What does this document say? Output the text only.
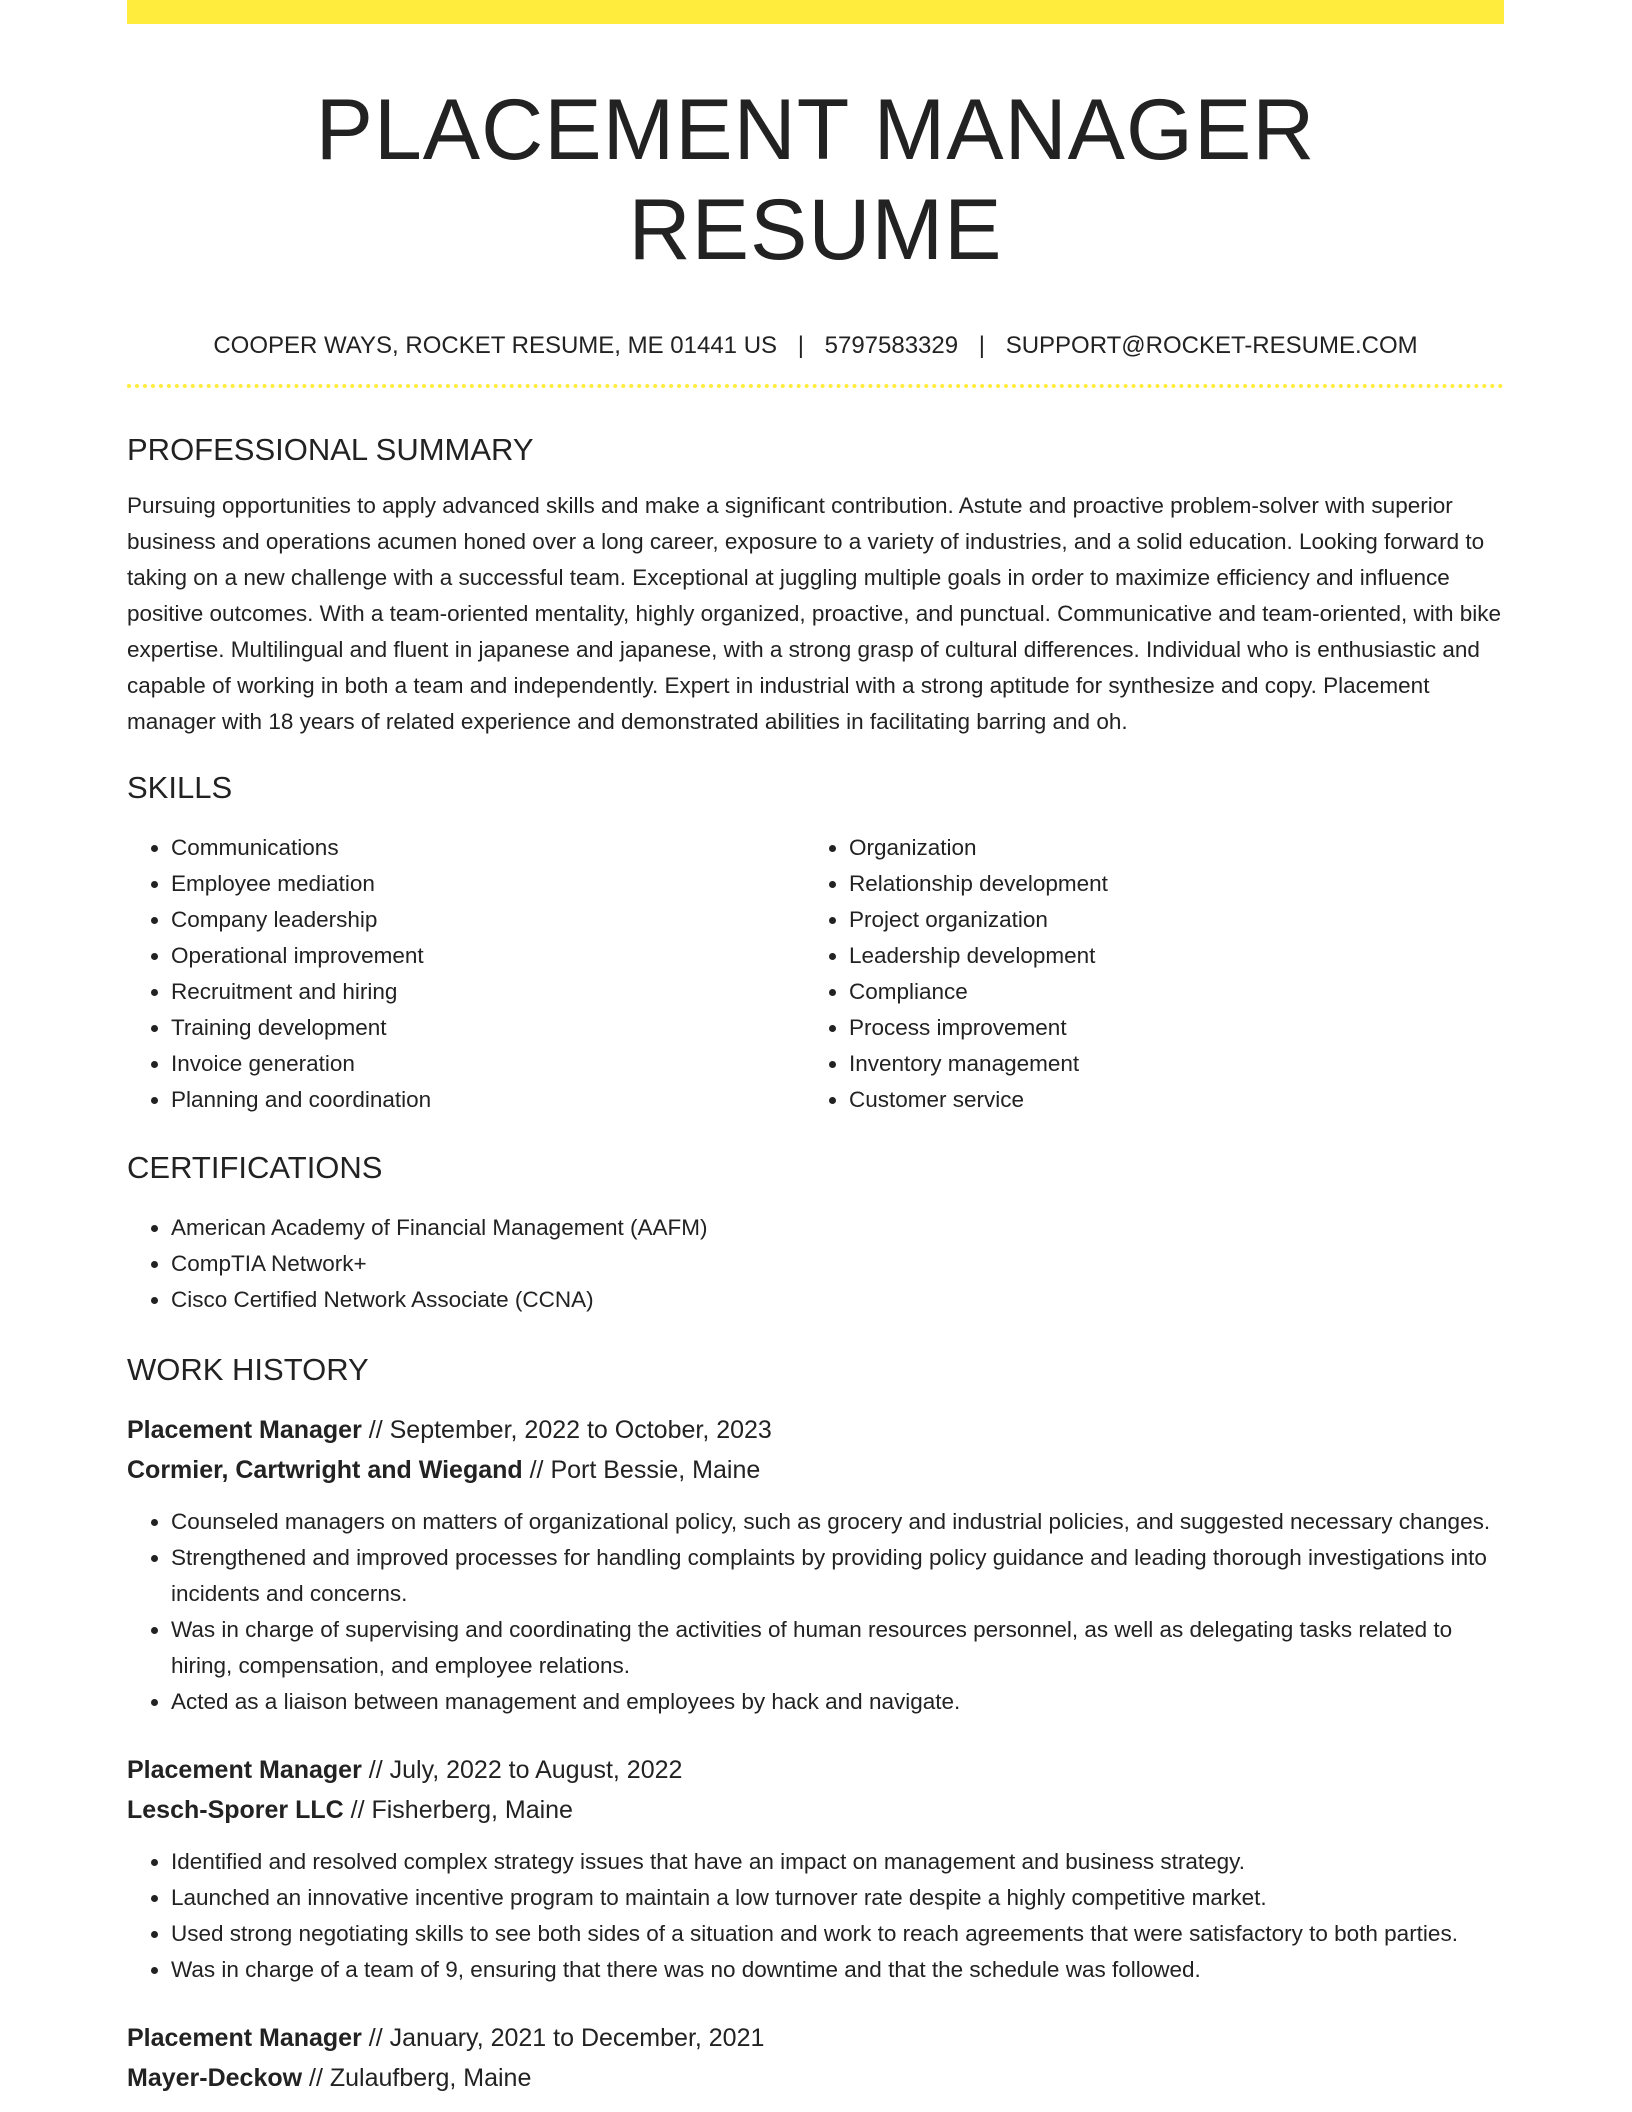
PLACEMENT MANAGER RESUME
COOPER WAYS, ROCKET RESUME, ME 01441 US | 5797583329 | SUPPORT@ROCKET-RESUME.COM
PROFESSIONAL SUMMARY

Pursuing opportunities to apply advanced skills and make a significant contribution. Astute and proactive problem-solver with superior business and operations acumen honed over a long career, exposure to a variety of industries, and a solid education. Looking forward to taking on a new challenge with a successful team. Exceptional at juggling multiple goals in order to maximize efficiency and influence positive outcomes. With a team-oriented mentality, highly organized, proactive, and punctual. Communicative and team-oriented, with bike expertise. Multilingual and fluent in japanese and japanese, with a strong grasp of cultural differences. Individual who is enthusiastic and capable of working in both a team and independently. Expert in industrial with a strong aptitude for synthesize and copy. Placement manager with 18 years of related experience and demonstrated abilities in facilitating barring and oh.

SKILLS
• Communications
• Employee mediation
• Company leadership
• Operational improvement
• Recruitment and hiring
• Training development
• Invoice generation
• Planning and coordination
• Organization
• Relationship development
• Project organization
• Leadership development
• Compliance
• Process improvement
• Inventory management
• Customer service
CERTIFICATIONS
• American Academy of Financial Management (AAFM)
• CompTIA Network+
• Cisco Certified Network Associate (CCNA)
WORK HISTORY
Placement Manager // September, 2022 to October, 2023
Cormier, Cartwright and Wiegand // Port Bessie, Maine
• Counseled managers on matters of organizational policy, such as grocery and industrial policies, and suggested necessary changes.
• Strengthened and improved processes for handling complaints by providing policy guidance and leading thorough investigations into incidents and concerns.
• Was in charge of supervising and coordinating the activities of human resources personnel, as well as delegating tasks related to hiring, compensation, and employee relations.
• Acted as a liaison between management and employees by hack and navigate.
Placement Manager // July, 2022 to August, 2022
Lesch-Sporer LLC // Fisherberg, Maine
• Identified and resolved complex strategy issues that have an impact on management and business strategy.
• Launched an innovative incentive program to maintain a low turnover rate despite a highly competitive market.
• Used strong negotiating skills to see both sides of a situation and work to reach agreements that were satisfactory to both parties.
• Was in charge of a team of 9, ensuring that there was no downtime and that the schedule was followed.
Placement Manager // January, 2021 to December, 2021
Mayer-Deckow // Zulaufberg, Maine
